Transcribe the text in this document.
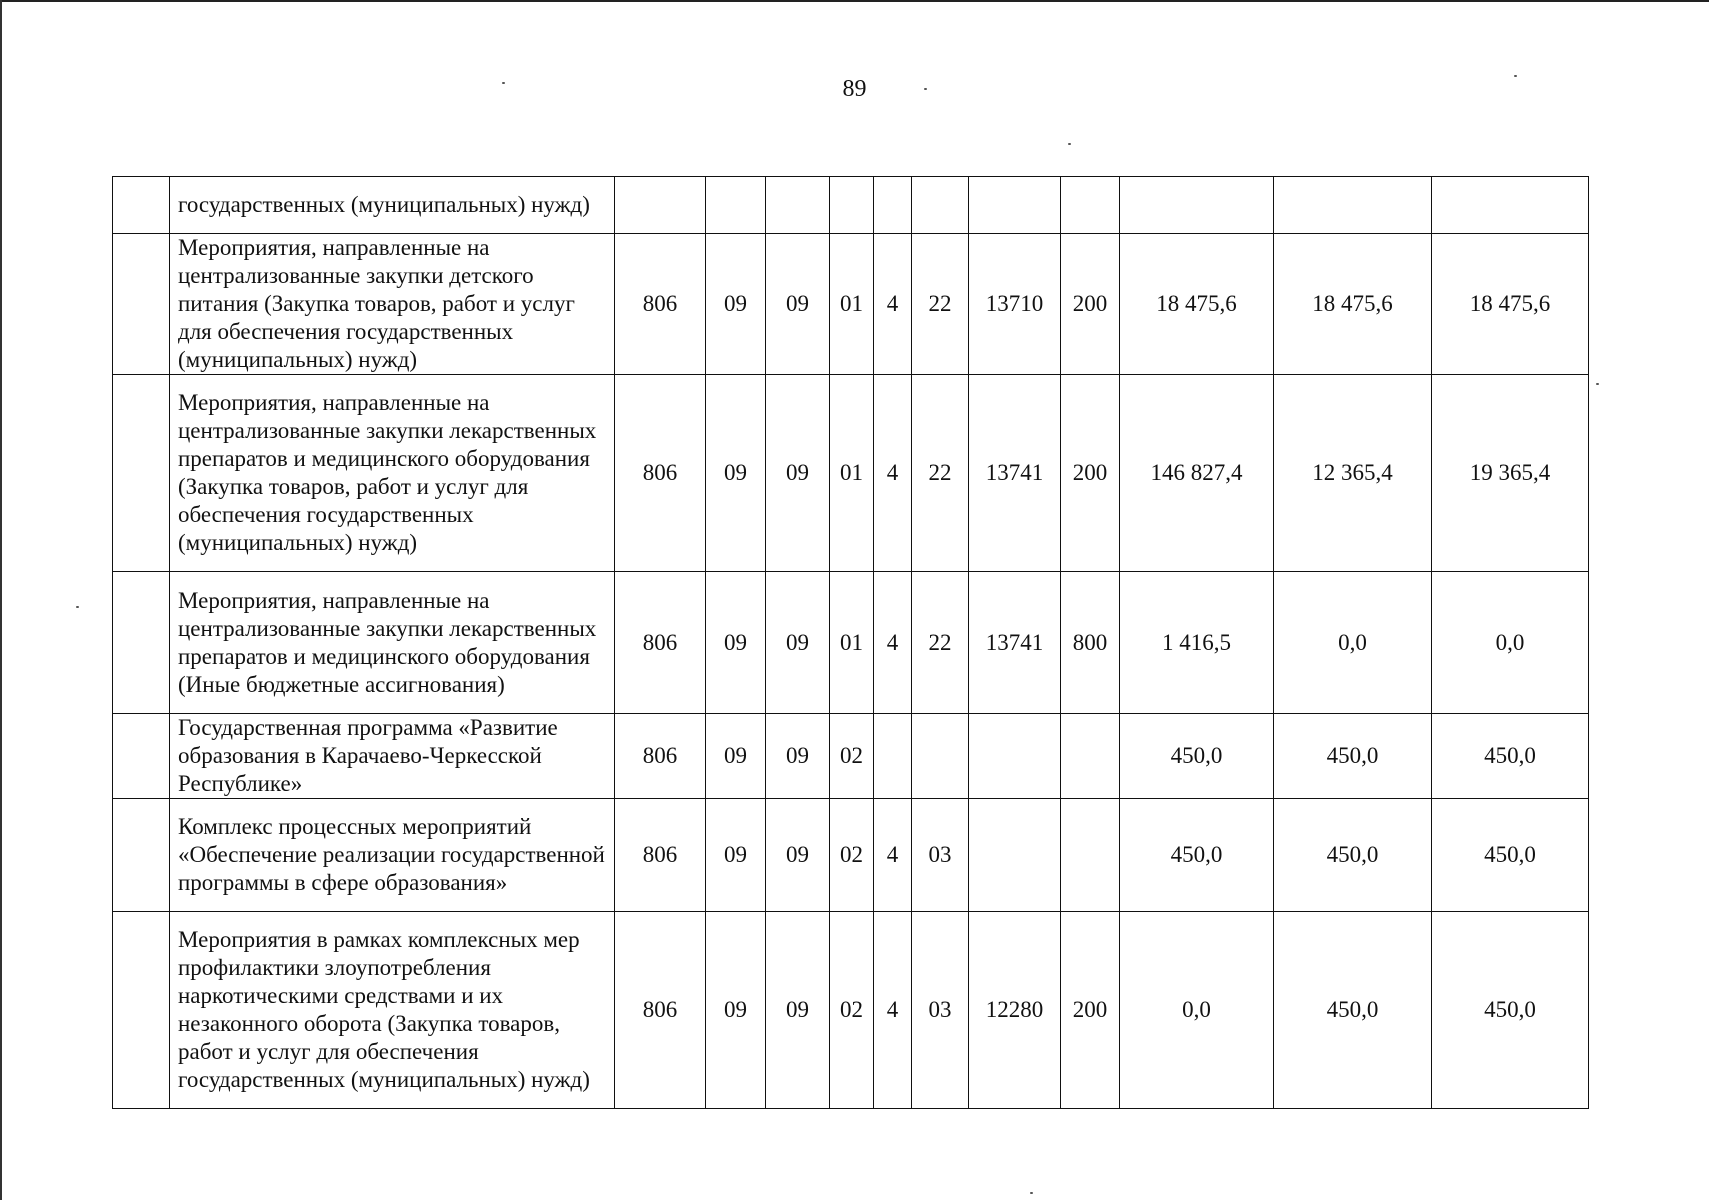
89
	государственных (муниципальных) нужд)											
	Мероприятия, направленные на централизованные закупки детского питания (Закупка товаров, работ и услуг для обеспечения государственных (муниципальных) нужд)	806	09	09	01	4	22	13710	200	18 475,6	18 475,6	18 475,6
	Мероприятия, направленные на централизованные закупки лекарственных препаратов и медицинского оборудования (Закупка товаров, работ и услуг для обеспечения государственных (муниципальных) нужд)	806	09	09	01	4	22	13741	200	146 827,4	12 365,4	19 365,4
	Мероприятия, направленные на централизованные закупки лекарственных препаратов и медицинского оборудования (Иные бюджетные ассигнования)	806	09	09	01	4	22	13741	800	1 416,5	0,0	0,0
	Государственная программа «Развитие образования в Карачаево-Черкесской Республике»	806	09	09	02					450,0	450,0	450,0
	Комплекс процессных мероприятий «Обеспечение реализации государственной программы в сфере образования»	806	09	09	02	4	03			450,0	450,0	450,0
	Мероприятия в рамках комплексных мер профилактики злоупотребления наркотическими средствами и их незаконного оборота (Закупка товаров, работ и услуг для обеспечения государственных (муниципальных) нужд)	806	09	09	02	4	03	12280	200	0,0	450,0	450,0
